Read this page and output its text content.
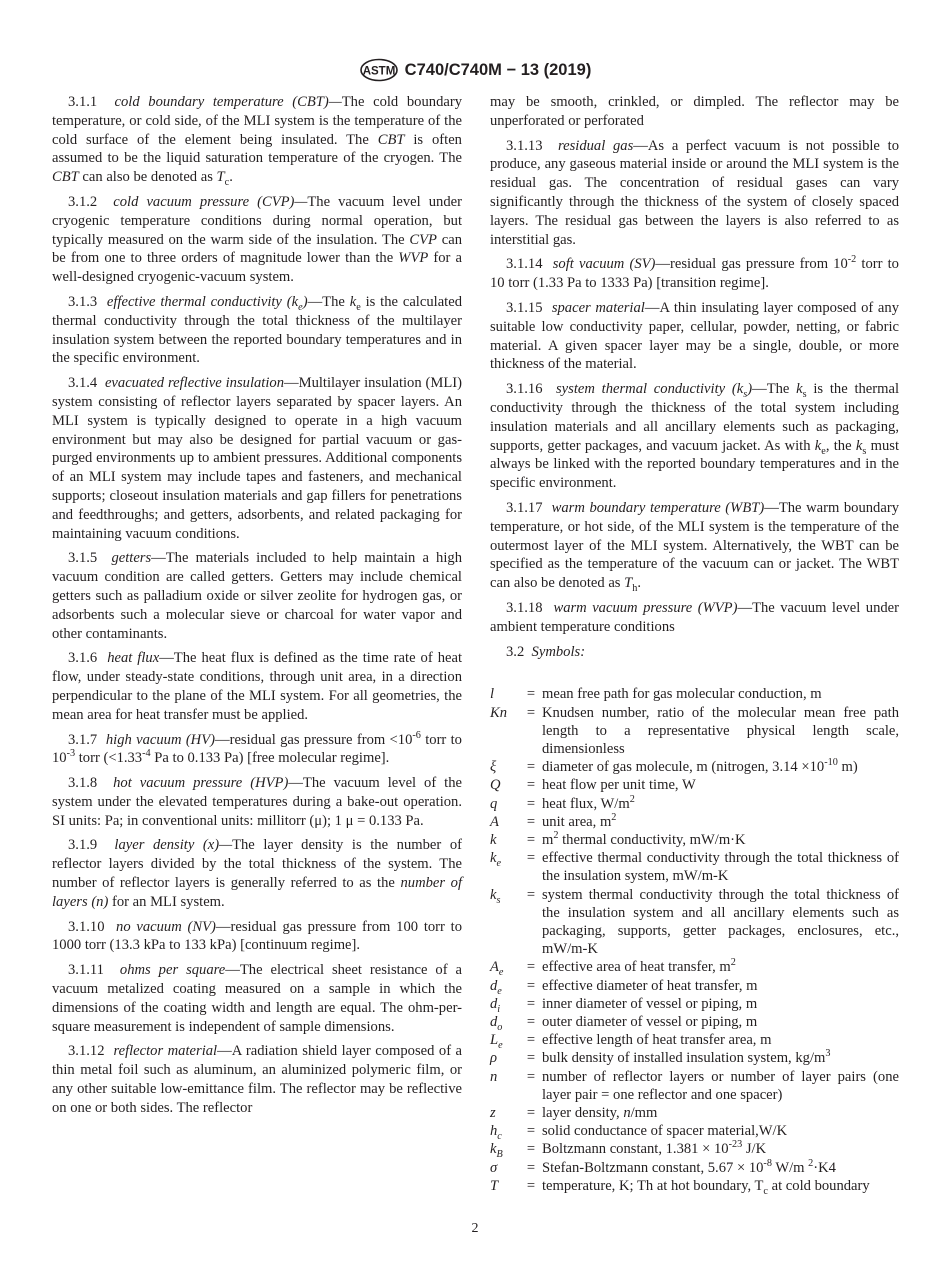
ASTM C740/C740M − 13 (2019)

3.1.1 cold boundary temperature (CBT)—The cold boundary temperature, or cold side, of the MLI system is the temperature of the cold surface of the element being insulated. The CBT is often assumed to be the liquid saturation temperature of the cryogen. The CBT can also be denoted as $T_c$.

3.1.2 cold vacuum pressure (CVP)—The vacuum level under cryogenic temperature conditions during normal operation, but typically measured on the warm side of the insulation. The CVP can be from one to three orders of magnitude lower than the WVP for a well-designed cryogenic-vacuum system.

3.1.3 effective thermal conductivity $(k_e)—The$ $k_e$ is the calculated thermal conductivity through the total thickness of the multilayer insulation system between the reported boundary temperatures and in the specific environment.

3.1.4 evacuated reflective insulation—Multilayer insulation (MLI) system consisting of reflector layers separated by spacer layers. An MLI system is typically designed to operate in a high vacuum environment but may also be designed for partial vacuum or gas-purged environments up to ambient pressures. Additional components of an MLI system may include tapes and fasteners, and mechanical supports; closeout insulation materials and gap fillers for penetrations and feedthroughs; and getters, adsorbents, and related packaging for maintaining vacuum conditions.

3.1.5 getters—The materials included to help maintain a high vacuum condition are called getters. Getters may include chemical getters such as palladium oxide or silver zeolite for hydrogen gas, or adsorbents such a molecular sieve or charcoal for water vapor and other contaminants.

3.1.6 heat flux—The heat flux is defined as the time rate of heat flow, under steady-state conditions, through unit area, in a direction perpendicular to the plane of the MLI system. For all geometries, the mean area for heat transfer must be applied.

3.1.7 high vacuum (HV)—residual gas pressure from $<10^{-6}$ torr to $10^{-3}$ torr ($<1.33^{-4}$ Pa to 0.133 Pa) [free molecular regime].

3.1.8 hot vacuum pressure (HVP)—The vacuum level of the system under the elevated temperatures during a bake-out operation. SI units: Pa; in conventional units: millitorr (μ); 1 μ = 0.133 Pa.

3.1.9 layer density (x)—The layer density is the number of reflector layers divided by the total thickness of the system. The number of reflector layers is generally referred to as the number of layers (n) for an MLI system.

3.1.10 no vacuum (NV)—residual gas pressure from 100 torr to 1000 torr (13.3 kPa to 133 kPa) [continuum regime].

3.1.11 ohms per square—The electrical sheet resistance of a vacuum metalized coating measured on a sample in which the dimensions of the coating width and length are equal. The ohm-per-square measurement is independent of sample dimensions.

3.1.12 reflector material—A radiation shield layer composed of a thin metal foil such as aluminum, an aluminized polymeric film, or any other suitable low-emittance film. The reflector may be reflective on one or both sides. The reflector

may be smooth, crinkled, or dimpled. The reflector may be unperforated or perforated

3.1.13 residual gas—As a perfect vacuum is not possible to produce, any gaseous material inside or around the MLI system is the residual gas. The concentration of residual gases can vary significantly through the thickness of the system of closely spaced layers. The residual gas between the layers is also referred to as interstitial gas.

3.1.14 soft vacuum (SV)—residual gas pressure from $10^{-2}$ torr to 10 torr (1.33 Pa to 1333 Pa) [transition regime].

3.1.15 spacer material—A thin insulating layer composed of any suitable low conductivity paper, cellular, powder, netting, or fabric material. A given spacer layer may be a single, double, or more thickness of the material.

3.1.16 system thermal conductivity $(k_s)—The$ $k_s$ is the thermal conductivity through the thickness of the total system including insulation materials and all ancillary elements such as packaging, supports, getter packages, and vacuum jacket. As with $k_e$, the $k_s$ must always be linked with the reported boundary temperatures and in the specific environment.

3.1.17 warm boundary temperature (WBT)—The warm boundary temperature, or hot side, of the MLI system is the temperature of the outermost layer of the MLI system. Alternatively, the WBT can be specified as the temperature of the vacuum can or jacket. The WBT can also be denoted as $T_h$.

3.1.18 warm vacuum pressure (WVP)—The vacuum level under ambient temperature conditions

3.2 Symbols:

l	=	mean free path for gas molecular conduction, m
Kn	=	Knudsen number, ratio of the molecular mean free path length to a representative physical length scale, dimensionless
ξ	=	diameter of gas molecule, m (nitrogen, $3.14 \times 10^{-10}$ m)
Q	=	heat flow per unit time, W
q	=	heat flux, $W/m^2$
A	=	unit area, $m^2$
k	=	$m^2$ thermal conductivity, mW/m·K
$k_e$	=	effective thermal conductivity through the total thickness of the insulation system, mW/m-K
$k_s$	=	system thermal conductivity through the total thickness of the insulation system and all ancillary elements such as packaging, supports, getter packages, enclosures, etc., mW/m-K
$A_e$	=	effective area of heat transfer, $m^2$
$d_e$	=	effective diameter of heat transfer, m
$d_i$	=	inner diameter of vessel or piping, m
$d_o$	=	outer diameter of vessel or piping, m
$L_e$	=	effective length of heat transfer area, m
ρ	=	bulk density of installed insulation system, $kg/m^3$
n	=	number of reflector layers or number of layer pairs (one layer pair = one reflector and one spacer)
z	=	layer density, n/mm
$h_c$	=	solid conductance of spacer material,W/K
$k_B$	=	Boltzmann constant, $1.381 \times 10^{-23}$ J/K
σ	=	Stefan-Boltzmann constant, $5.67 \times 10^{-8}$ W/m $^2$·K4
T	=	temperature, K; Th at hot boundary, $T_c$ at cold boundary
2
